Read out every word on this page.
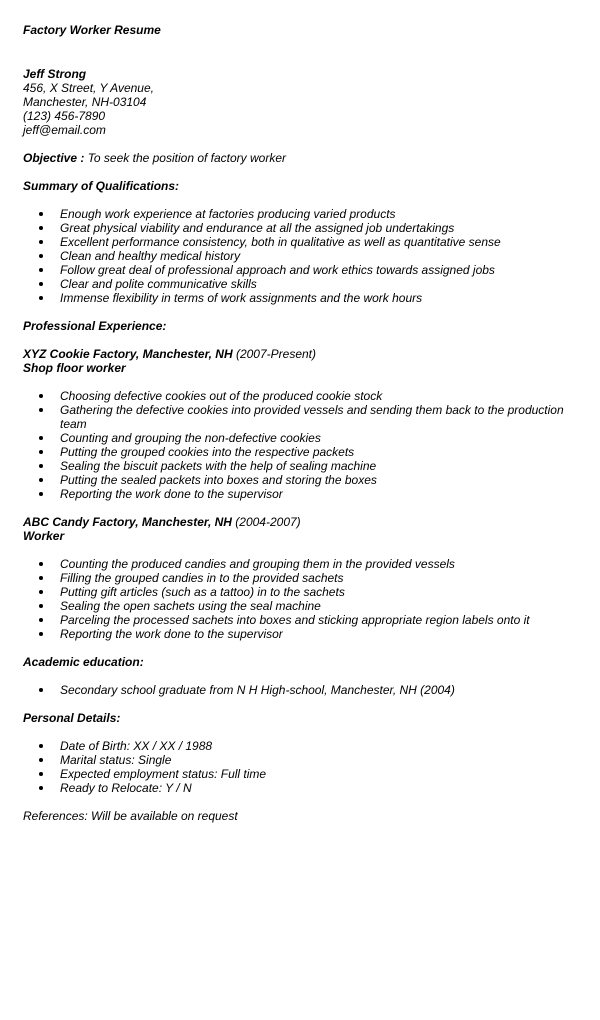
Factory Worker Resume
Jeff Strong
456, X Street, Y Avenue,
Manchester, NH-03104
(123) 456-7890
jeff@email.com
Objective : To seek the position of factory worker
Summary of Qualifications:
Enough work experience at factories producing varied products
Great physical viability and endurance at all the assigned job undertakings
Excellent performance consistency, both in qualitative as well as quantitative sense
Clean and healthy medical history
Follow great deal of professional approach and work ethics towards assigned jobs
Clear and polite communicative skills
Immense flexibility in terms of work assignments and the work hours
Professional Experience:
XYZ Cookie Factory, Manchester, NH (2007-Present)
Shop floor worker
Choosing defective cookies out of the produced cookie stock
Gathering the defective cookies into provided vessels and sending them back to the production team
Counting and grouping the non-defective cookies
Putting the grouped cookies into the respective packets
Sealing the biscuit packets with the help of sealing machine
Putting the sealed packets into boxes and storing the boxes
Reporting the work done to the supervisor
ABC Candy Factory, Manchester, NH (2004-2007)
Worker
Counting the produced candies and grouping them in the provided vessels
Filling the grouped candies in to the provided sachets
Putting gift articles (such as a tattoo) in to the sachets
Sealing the open sachets using the seal machine
Parceling the processed sachets into boxes and sticking appropriate region labels onto it
Reporting the work done to the supervisor
Academic education:
Secondary school graduate from N H High-school, Manchester, NH (2004)
Personal Details:
Date of Birth: XX / XX / 1988
Marital status: Single
Expected employment status: Full time
Ready to Relocate: Y / N
References: Will be available on request
